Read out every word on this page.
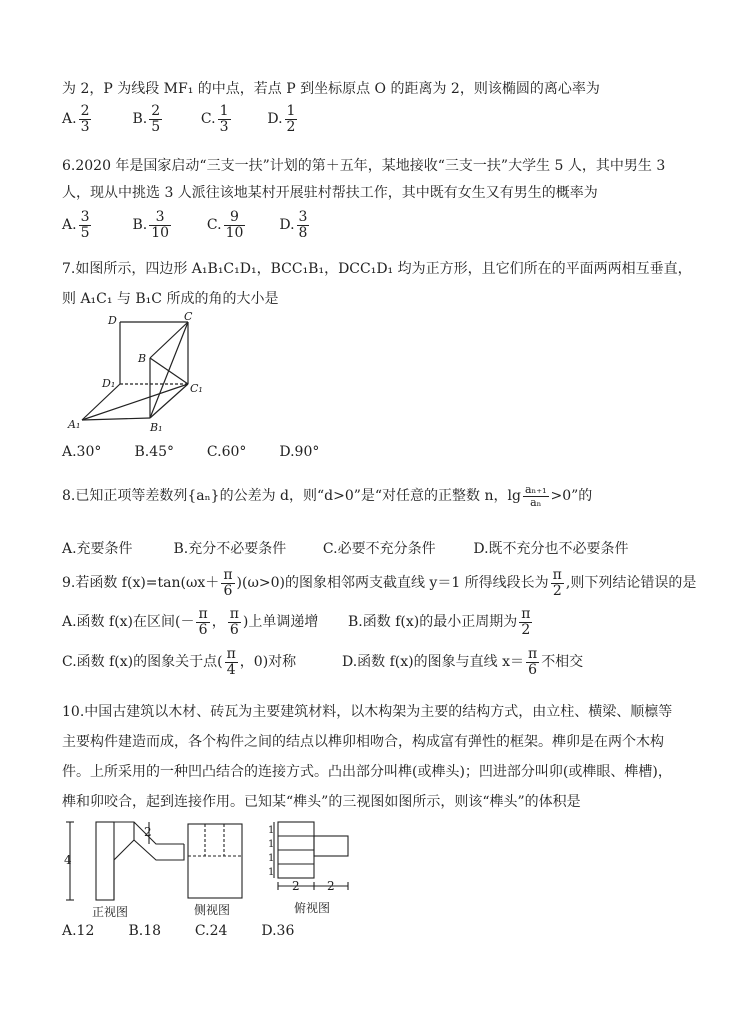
为 2，P 为线段 MF₁ 的中点，若点 P 到坐标原点 O 的距离为 2，则该椭圆的离心率为
A. $\frac{2}{3}$	B. $\frac{2}{5}$	C. $\frac{1}{3}$	D. $\frac{1}{2}$
6.2020 年是国家启动“三支一扶”计划的第＋五年，某地接收“三支一扶”大学生 5 人，其中男生 3
人，现从中挑选 3 人派往该地某村开展驻村帮扶工作，其中既有女生又有男生的概率为
A. $\frac{3}{5}$	B. $\frac{3}{10}$	C. $\frac{9}{10} D$. $\frac{3}{8}$
7.如图所示，四边形 A₁B₁C₁D₁，BCC₁B₁，DCC₁D₁ 均为正方形，且它们所在的平面两两相互垂直，
则 A₁C₁ 与 B₁C 所成的角的大小是
D	C
B
D₁	C₁
A₁	B₁
A.30° B.45° C.60° D.90°
8.已知正项等差数列{aₙ}的公差为 d，则“d>0”是“对任意的正整数 n，$\lg \frac{\text{aₙ₊₁}}{\text{aₙ}} >0$”的
A.充要条件	B.充分不必要条件	C.必要不充分条件	D.既不充分也不必要条件
9.若函数 $f(x)=\tan(\omega x+ \frac{\pi}{6} )(\omega>0)$的图象相邻两支截直线 y＝1 所得线段长为 $\frac{\pi}{2}$ ,则下列结论错误的是
A.函数 f(x)在区间(－ $\frac{\pi}{6}$ ， $\frac{\pi}{6}$ )上单调递增 B.函数 f(x)的最小正周期为 $\frac{\pi}{2}$
C.函数 f(x)的图象关于点( $\frac{\pi}{4}$ ，0)对称	D.函数 f(x)的图象与直线 $x= \frac{\pi}{6}$ 不相交
10.中国古建筑以木材、砖瓦为主要建筑材料，以木构架为主要的结构方式，由立柱、横梁、顺檩等
主要构件建造而成，各个构件之间的结点以榫卯相吻合，构成富有弹性的框架。榫卯是在两个木构
件。上所采用的一种凹凸结合的连接方式。凸出部分叫榫(或榫头)；凹进部分叫卯(或榫眼、榫槽)，
榫和卯咬合，起到连接作用。已知某“榫头”的三视图如图所示，则该“榫头”的体积是
4
2	1
1
1
1
2 2
正视图	侧视图	俯视图
A.12 B.18 C.24 D.36
